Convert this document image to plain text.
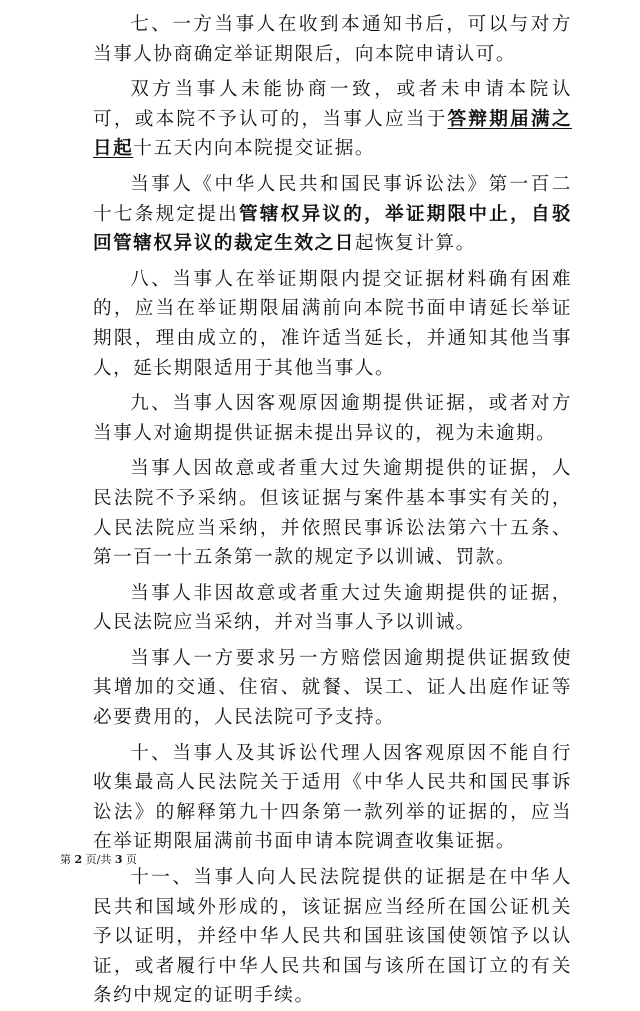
七、一方当事人在收到本通知书后，可以与对方当事人协商确定举证期限后，向本院申请认可。

双方当事人未能协商一致，或者未申请本院认可，或本院不予认可的，当事人应当于答辩期届满之日起十五天内向本院提交证据。

当事人《中华人民共和国民事诉讼法》第一百二十七条规定提出管辖权异议的，举证期限中止，自驳回管辖权异议的裁定生效之日起恢复计算。

八、当事人在举证期限内提交证据材料确有困难的，应当在举证期限届满前向本院书面申请延长举证期限，理由成立的，准许适当延长，并通知其他当事人，延长期限适用于其他当事人。

九、当事人因客观原因逾期提供证据，或者对方当事人对逾期提供证据未提出异议的，视为未逾期。

当事人因故意或者重大过失逾期提供的证据，人民法院不予采纳。但该证据与案件基本事实有关的，人民法院应当采纳，并依照民事诉讼法第六十五条、第一百一十五条第一款的规定予以训诫、罚款。

当事人非因故意或者重大过失逾期提供的证据，人民法院应当采纳，并对当事人予以训诫。

当事人一方要求另一方赔偿因逾期提供证据致使其增加的交通、住宿、就餐、误工、证人出庭作证等必要费用的，人民法院可予支持。

十、当事人及其诉讼代理人因客观原因不能自行收集最高人民法院关于适用《中华人民共和国民事诉讼法》的解释第九十四条第一款列举的证据的，应当在举证期限届满前书面申请本院调查收集证据。

十一、当事人向人民法院提供的证据是在中华人民共和国域外形成的，该证据应当经所在国公证机关予以证明，并经中华人民共和国驻该国使领馆予以认证，或者履行中华人民共和国与该所在国订立的有关条约中规定的证明手续。

第 2 页/共 3 页
